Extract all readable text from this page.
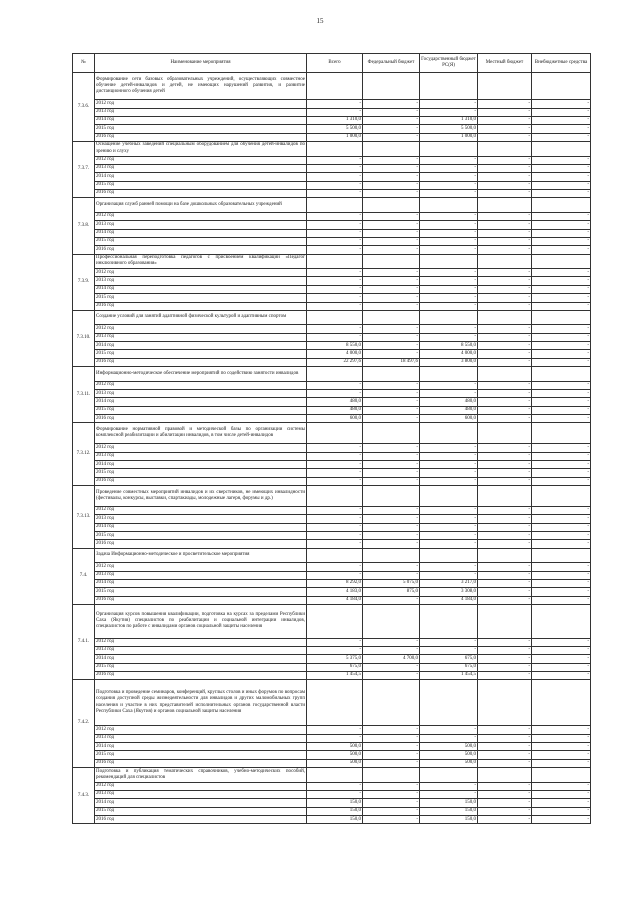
15
№	Наименование мероприятия	Всего	Федеральный бюджет	Государственный бюджет РС(Я)	Местный бюджет	Внебюджетные средства
7.3.6.	Формирование сети базовых образовательных учреждений, осуществляющих совместное обучение детей-инвалидов и детей, не имеющих нарушений развития, и развитие дистанционного обучения детей					
	2012 год	-	-	-	-	-
	2013 год	-	-	-	-	-
	2014 год	1 310,0	-	1 310,0	-	-
	2015 год	5 500,0	-	5 500,0	-	-
	2016 год	1 000,0	-	1 000,0	-	-
7.3.7.	Оснащение учебных заведений специальным оборудованием для обучения детей-инвалидов по зрению и слуху					
	2012 год	-	-	-	-	-
	2013 год	-	-	-	-	-
	2014 год	-	-	-	-	-
	2015 год	-	-	-	-	-
	2016 год	-	-	-	-	-
7.3.8.	Организация служб ранней помощи на базе дошкольных образовательных учреждений					
	2012 год	-	-	-	-	-
	2013 год	-	-	-	-	-
	2014 год	-	-	-	-	-
	2015 год	-	-	-	-	-
	2016 год	-	-	-	-	-
7.3.9.	Профессиональная переподготовка педагогов с присвоением квалификации «Педагог инклюзивного образования»					
	2012 год	-	-	-	-	-
	2013 год	-	-	-	-	-
	2014 год	-	-	-	-	-
	2015 год	-	-	-	-	-
	2016 год	-	-	-	-	-
7.3.10.	Создание условий для занятий адаптивной физической культурой и адаптивным спортом					
	2012 год	-	-	-	-	-
	2013 год	-	-	-	-	-
	2014 год	8 550,0	-	8 550,0	-	-
	2015 год	4 000,0	-	4 000,0	-	-
	2016 год	22 297,6	18 497,6	3 800,0	-	-
7.3.11.	Информационно-методическое обеспечение мероприятий по содействию занятости инвалидов					
	2012 год	-	-	-	-	-
	2013 год	-	-	-	-	-
	2014 год	480,0	-	480,0	-	-
	2015 год	480,0	-	480,0	-	-
	2016 год	600,0	-	600,0	-	-
7.3.12.	Формирование нормативной правовой и методической базы по организации системы комплексной реабилитации и абилитации инвалидов, в том числе детей-инвалидов					
	2012 год	-	-	-	-	-
	2013 год	-	-	-	-	-
	2014 год	-	-	-	-	-
	2015 год	-	-	-	-	-
	2016 год	-	-	-	-	-
7.3.13.	Проведение совместных мероприятий инвалидов и их сверстников, не имеющих инвалидности (фестивалы, конкурсы, выставки, спартакиады, молодежные лагеря, форумы и др.)					
	2012 год	-	-	-	-	-
	2013 год	-	-	-	-	-
	2014 год	-	-	-	-	-
	2015 год	-	-	-	-	-
	2016 год	-	-	-	-	-
7.4.	Задача Информационно-методическое и просветительское мероприятия					
	2012 год	-	-	-	-	-
	2013 год	-	-	-	-	-
	2014 год	8 292,0	5 075,0	3 217,0	-	-
	2015 год	4 183,0	875,0	3 308,0	-	-
	2016 год	4 184,0	-	4 184,0	-	-
7.4.1.	Организация курсов повышения квалификации, подготовка на курсах за пределами Республики Саха (Якутия) специалистов по реабилитации и социальной интеграции инвалидов, специалистов по работе с инвалидами органов социальной защиты населения					
	2012 год	-	-	-	-	-
	2013 год	-	-	-	-	-
	2014 год	5 375,0	4 700,0	675,0	-	-
	2015 год	675,0	-	675,0	-	-
	2016 год	1 454,5	-	1 454,5	-	-
7.4.2.	Подготовка и проведение семинаров, конференций, круглых столов и иных форумов по вопросам создания доступной среды жизнедеятельности для инвалидов и других маломобильных групп населения и участие в них представителей исполнительных органов государственной власти Республики Саха (Якутия) и органов социальной защиты населения					
	2012 год	-	-	-	-	-
	2013 год	-	-	-	-	-
	2014 год	500,0	-	500,0	-	-
	2015 год	500,0	-	500,0	-	-
	2016 год	500,0	-	500,0	-	-
7.4.3.	Подготовка и публикация тематических справочников, учебно-методических пособий, рекомендаций для специалистов					
	2012 год	-	-	-	-	-
	2013 год	-	-	-	-	-
	2014 год	150,0	-	150,0	-	-
	2015 год	150,0	-	150,0	-	-
	2016 год	150,0	-	150,0	-	-
